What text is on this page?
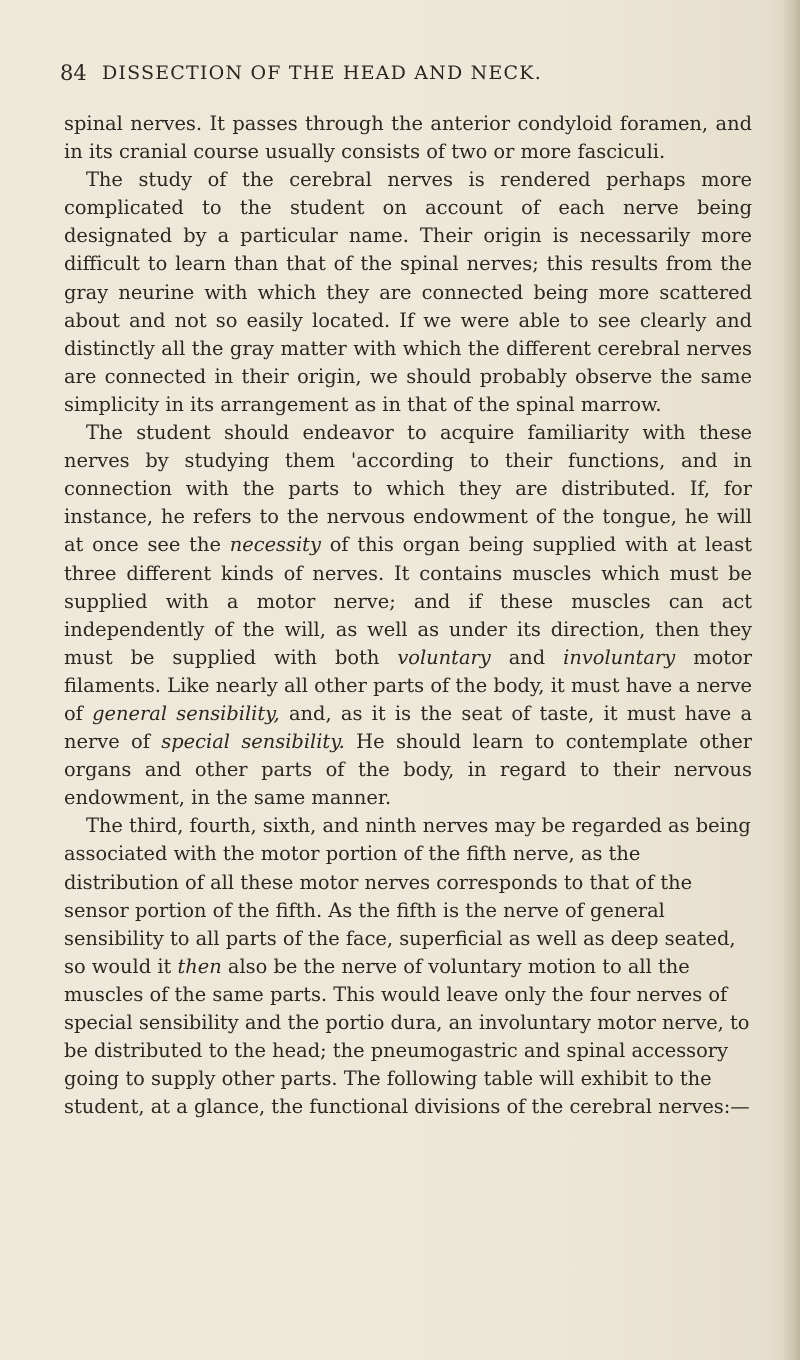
84 DISSECTION OF THE HEAD AND NECK.

spinal nerves. It passes through the anterior condyloid foramen, and in its cranial course usually consists of two or more fasciculi.

The study of the cerebral nerves is rendered perhaps more complicated to the student on account of each nerve being designated by a particular name. Their origin is necessarily more difficult to learn than that of the spinal nerves; this results from the gray neurine with which they are connected being more scattered about and not so easily located. If we were able to see clearly and distinctly all the gray matter with which the different cerebral nerves are connected in their origin, we should probably observe the same simplicity in its arrangement as in that of the spinal marrow.

The student should endeavor to acquire familiarity with these nerves by studying them 'according to their functions, and in connection with the parts to which they are distributed. If, for instance, he refers to the nervous endowment of the tongue, he will at once see the necessity of this organ being supplied with at least three different kinds of nerves. It contains muscles which must be supplied with a motor nerve; and if these muscles can act independently of the will, as well as under its direction, then they must be supplied with both voluntary and involuntary motor filaments. Like nearly all other parts of the body, it must have a nerve of general sensibility, and, as it is the seat of taste, it must have a nerve of special sensibility. He should learn to contemplate other organs and other parts of the body, in regard to their nervous endowment, in the same manner.

The third, fourth, sixth, and ninth nerves may be regarded as being associated with the motor portion of the fifth nerve, as the distribution of all these motor nerves corresponds to that of the sensor portion of the fifth. As the fifth is the nerve of general sensibility to all parts of the face, superficial as well as deep seated, so would it then also be the nerve of voluntary motion to all the muscles of the same parts. This would leave only the four nerves of special sensibility and the portio dura, an involuntary motor nerve, to be distributed to the head; the pneumogastric and spinal accessory going to supply other parts. The following table will exhibit to the student, at a glance, the functional divisions of the cerebral nerves:—
